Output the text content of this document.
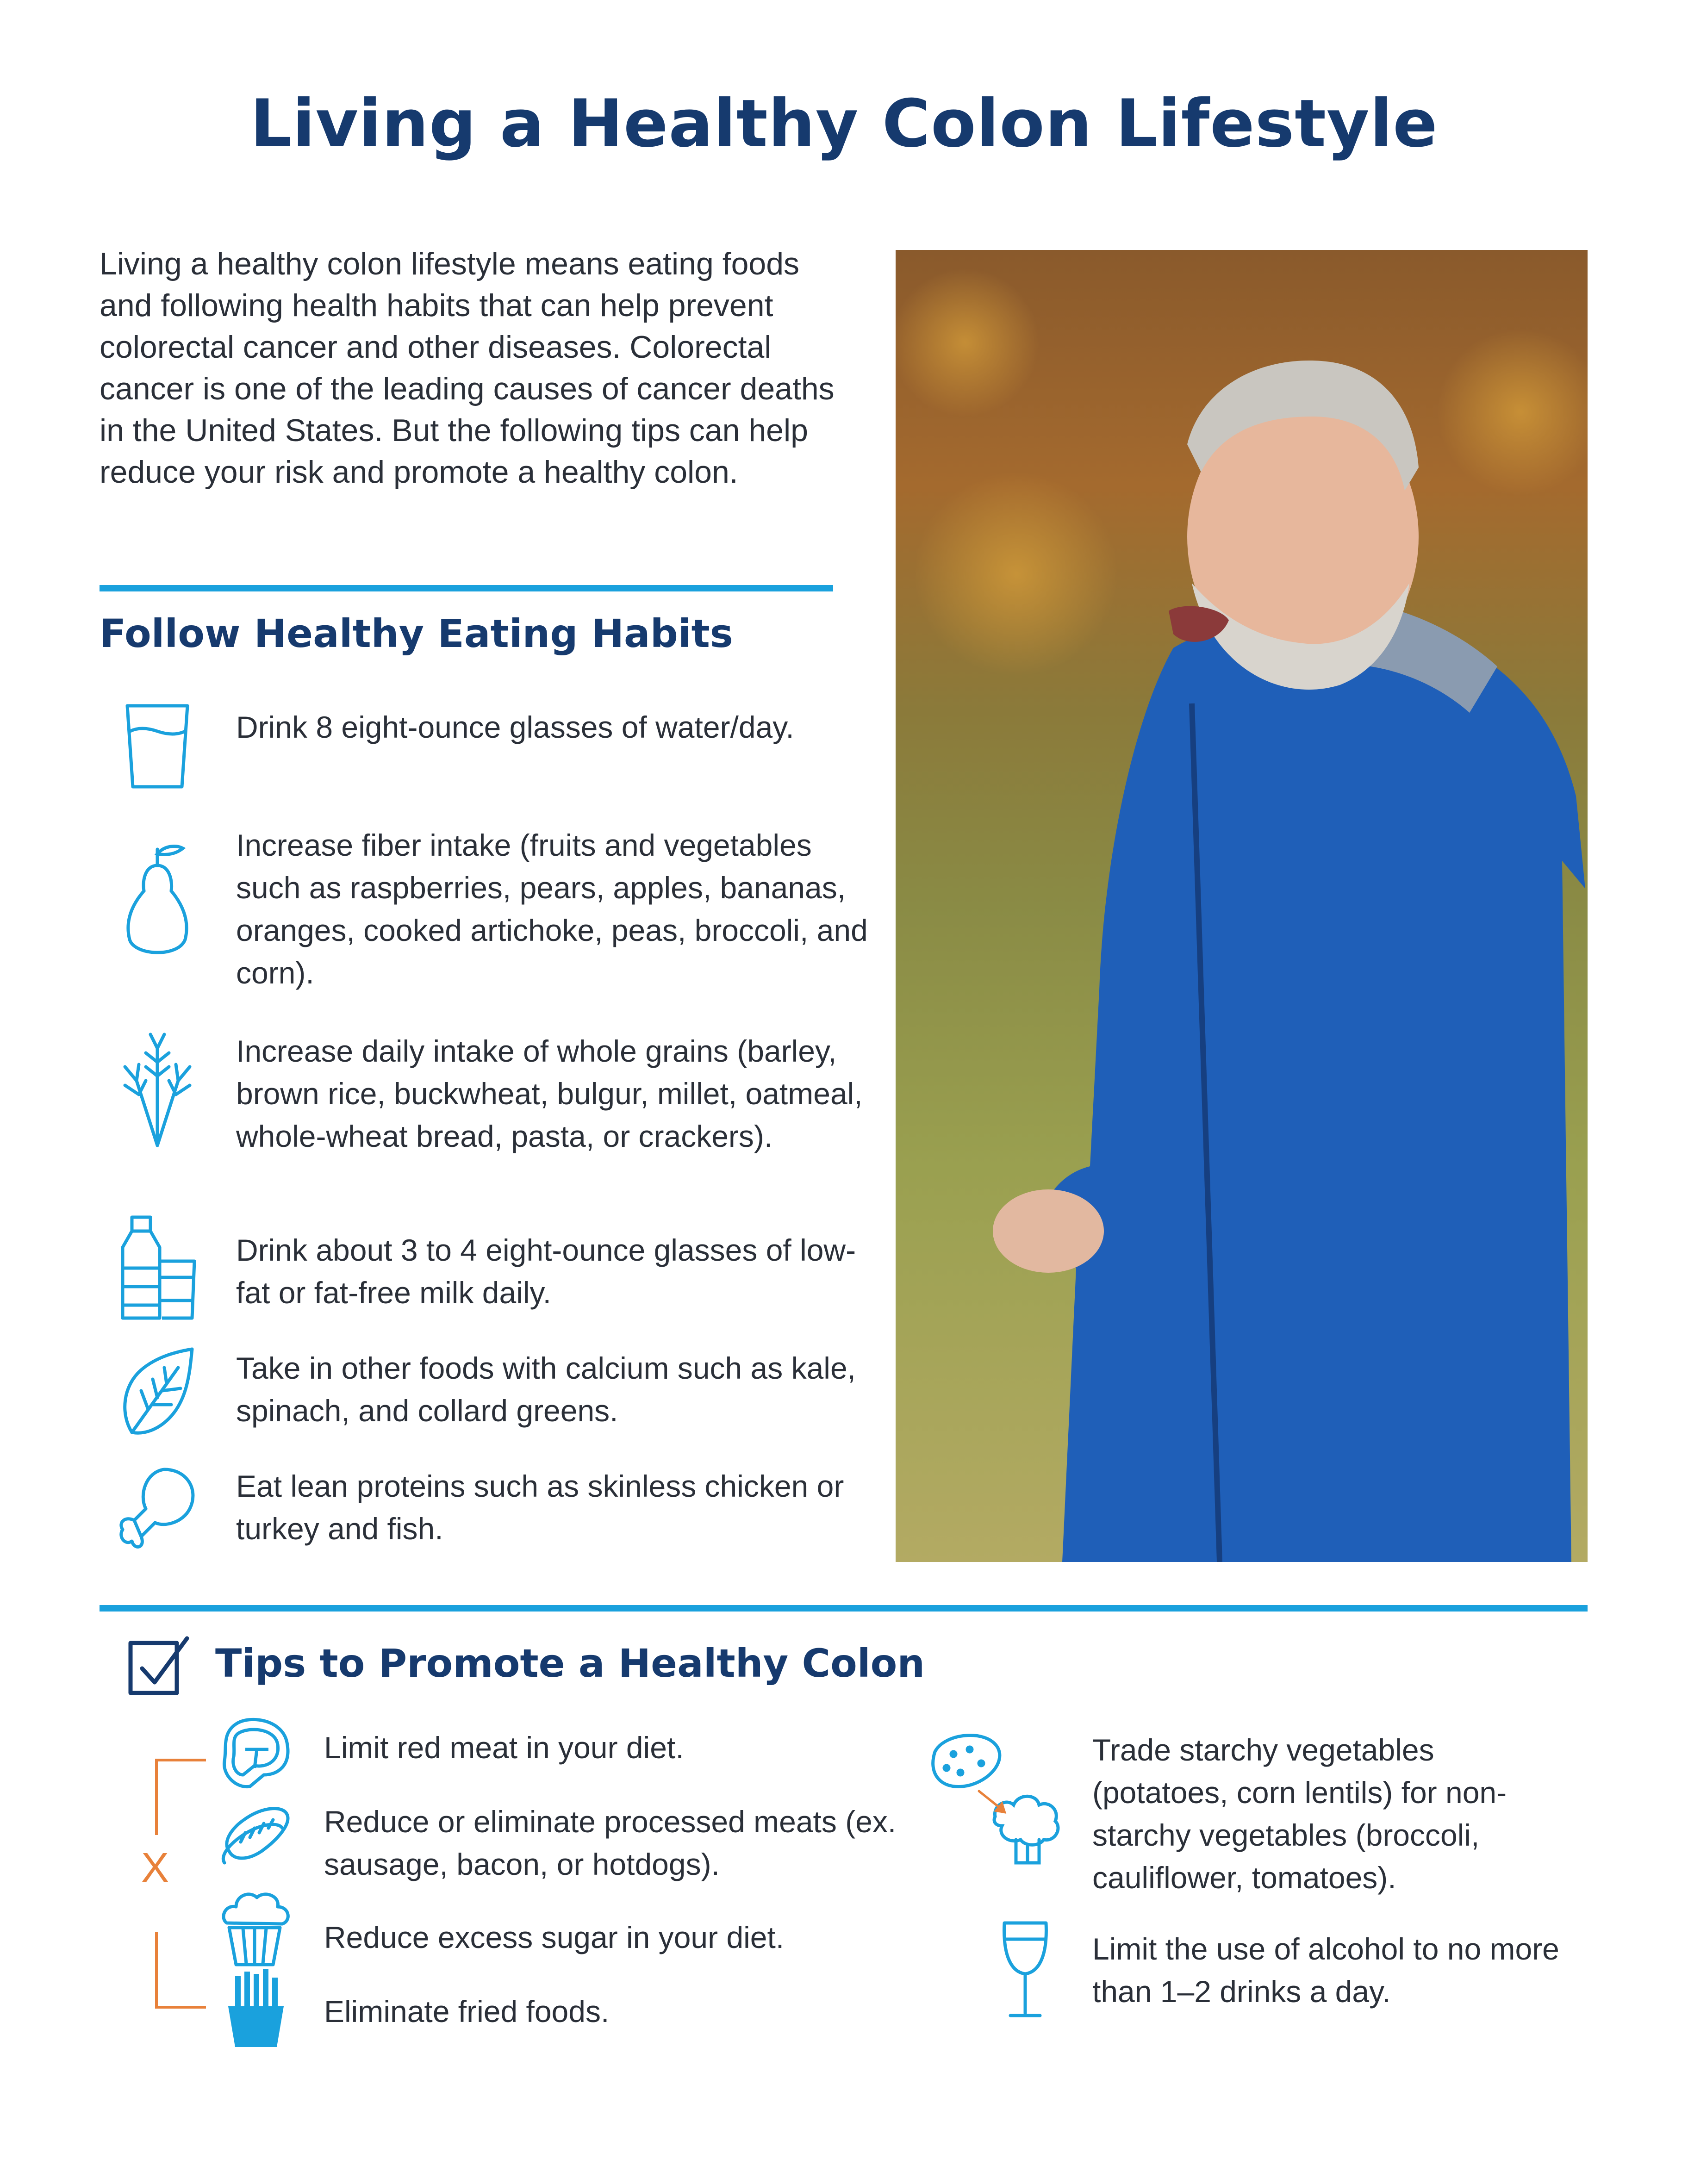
Living a Healthy Colon Lifestyle
Living a healthy colon lifestyle means eating foods and following health habits that can help prevent colorectal cancer and other diseases. Colorectal cancer is one of the leading causes of cancer deaths in the United States. But the following tips can help reduce your risk and promote a healthy colon.
Follow Healthy Eating Habits
Drink 8 eight-ounce glasses of water/day.
Increase fiber intake (fruits and vegetables such as raspberries, pears, apples, bananas, oranges, cooked artichoke, peas, broccoli, and corn).
Increase daily intake of whole grains (barley, brown rice, buckwheat, bulgur, millet, oatmeal, whole-wheat bread, pasta, or crackers).
Drink about 3 to 4 eight-ounce glasses of low-fat or fat-free milk daily.
Take in other foods with calcium such as kale, spinach, and collard greens.
Eat lean proteins such as skinless chicken or turkey and fish.
Tips to Promote a Healthy Colon
X
Limit red meat in your diet.
Reduce or eliminate processed meats (ex. sausage, bacon, or hotdogs).
Reduce excess sugar in your diet.
Eliminate fried foods.
Trade starchy vegetables (potatoes, corn lentils) for non-starchy vegetables (broccoli, cauliflower, tomatoes).
Limit the use of alcohol to no more than 1–2 drinks a day.
